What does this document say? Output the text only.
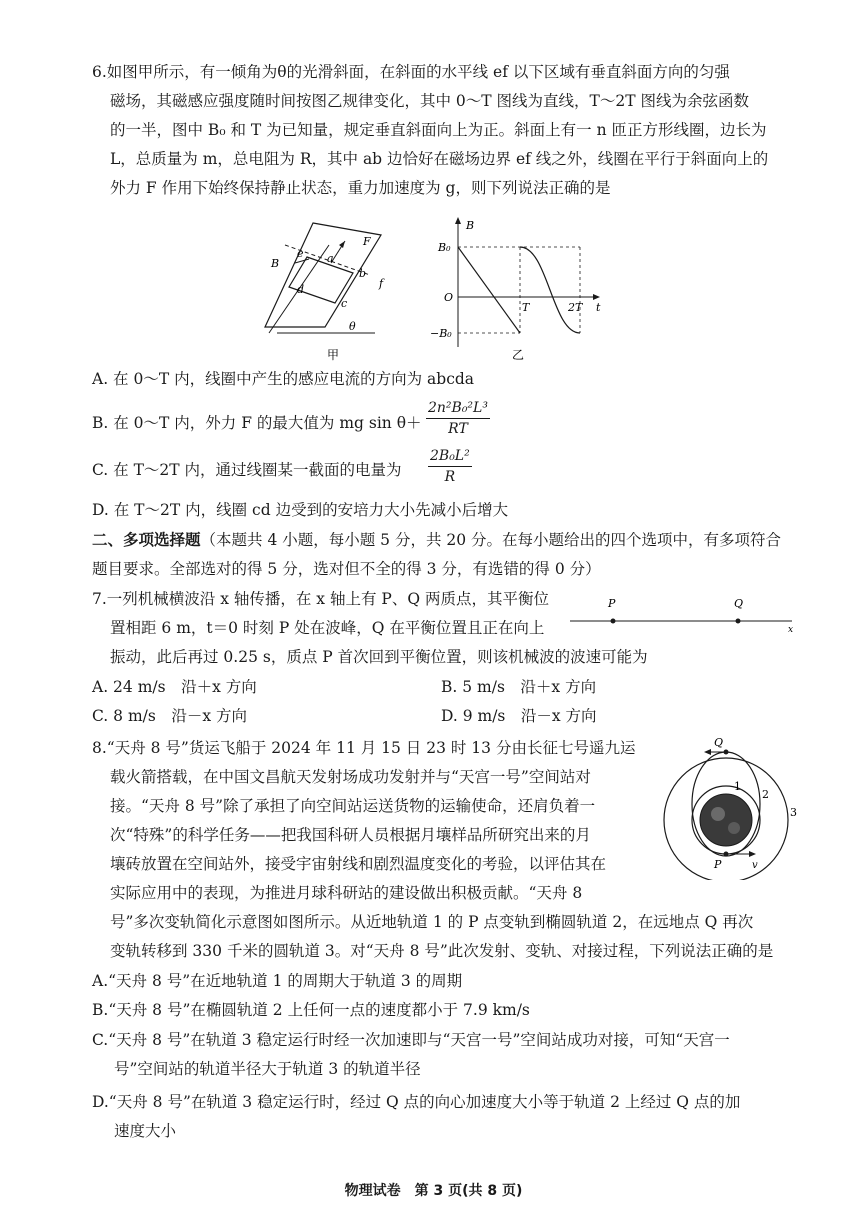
6.如图甲所示，有一倾角为θ的光滑斜面，在斜面的水平线 ef 以下区域有垂直斜面方向的匀强

磁场，其磁感应强度随时间按图乙规律变化，其中 0～T 图线为直线，T～2T 图线为余弦函数

的一半，图中 B₀ 和 T 为已知量，规定垂直斜面向上为正。斜面上有一 n 匝正方形线圈，边长为

L，总质量为 m，总电阻为 R，其中 ab 边恰好在磁场边界 ef 线之外，线圈在平行于斜面向上的

外力 F 作用下始终保持静止状态，重力加速度为 g，则下列说法正确的是

e
f
a
b
c
d
B
F
θ
甲
B
t
O
B₀
−B₀
T	2T
乙
A. 在 0～T 内，线圈中产生的感应电流的方向为 abcda
B. 在 0～T 内，外力 F 的最大值为 mg $\sin \theta+ \frac{\text{2n²B₀²L³}}{RT}$
C. 在 T～2T 内，通过线圈某一截面的电量为 $\frac{\text{2B₀L²}}{R}$
D. 在 T～2T 内，线圈 cd 边受到的安培力大小先减小后增大

二、多项选择题（本题共 4 小题，每小题 5 分，共 20 分。在每小题给出的四个选项中，有多项符合

题目要求。全部选对的得 5 分，选对但不全的得 3 分，有选错的得 0 分）

7.一列机械横波沿 x 轴传播，在 x 轴上有 P、Q 两质点，其平衡位

置相距 6 m，t＝0 时刻 P 处在波峰，Q 在平衡位置且正在向上

振动，此后再过 0.25 s，质点 P 首次回到平衡位置，则该机械波的波速可能为

P	Q
x
A. 24 m/s　沿＋x 方向	B. 5 m/s　沿＋x 方向
C. 8 m/s　沿－x 方向	D. 9 m/s　沿－x 方向

8.“天舟 8 号”货运飞船于 2024 年 11 月 15 日 23 时 13 分由长征七号遥九运

载火箭搭载，在中国文昌航天发射场成功发射并与“天宫一号”空间站对

接。“天舟 8 号”除了承担了向空间站运送货物的运输使命，还肩负着一

次“特殊”的科学任务——把我国科研人员根据月壤样品所研究出来的月

壤砖放置在空间站外，接受宇宙射线和剧烈温度变化的考验，以评估其在

实际应用中的表现，为推进月球科研站的建设做出积极贡献。“天舟 8

号”多次变轨简化示意图如图所示。从近地轨道 1 的 P 点变轨到椭圆轨道 2，在远地点 Q 再次

变轨转移到 330 千米的圆轨道 3。对“天舟 8 号”此次发射、变轨、对接过程，下列说法正确的是

Q
P	v
1
2
3
A.“天舟 8 号”在近地轨道 1 的周期大于轨道 3 的周期
B.“天舟 8 号”在椭圆轨道 2 上任何一点的速度都小于 7.9 km/s
C.“天舟 8 号”在轨道 3 稳定运行时经一次加速即与“天宫一号”空间站成功对接，可知“天宫一
号”空间站的轨道半径大于轨道 3 的轨道半径
D.“天舟 8 号”在轨道 3 稳定运行时，经过 Q 点的向心加速度大小等于轨道 2 上经过 Q 点的加
速度大小
物理试卷　第 3 页(共 8 页)
